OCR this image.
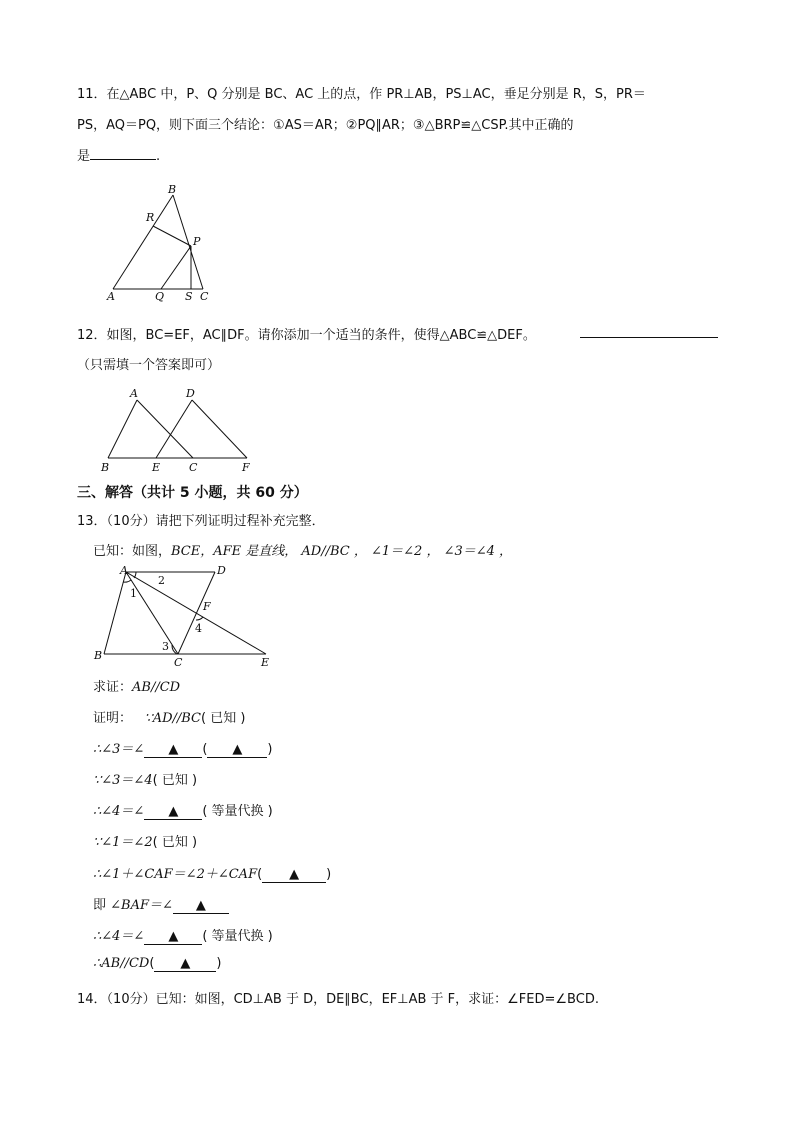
11．在△ABC 中，P、Q 分别是 BC、AC 上的点，作 PR⊥AB，PS⊥AC，垂足分别是 R，S，PR＝
PS，AQ＝PQ，则下面三个结论：①AS＝AR；②PQ∥AR；③△BRP≌△CSP.其中正确的
是	.
B
R
P
A	Q S C
12．如图，BC=EF，AC∥DF。请你添加一个适当的条件，使得△ABC≌△DEF。
（只需填一个答案即可）
A	D
B	E	C	F
三、解答（共计 5 小题，共 60 分）
13．（10分）请把下列证明过程补充完整．
已知：如图，BCE，AFE 是直线， AD//BC ， ∠1＝∠2 ， ∠3＝∠4 ，
A	D
F
B
C	E
1
2
3
4
求证：AB//CD
证明： ∵AD//BC( 已知 )
∴∠3＝∠ ▲ ( ▲ )
∵∠3＝∠4( 已知 )
∴∠4＝∠ ▲ ( 等量代换 )
∵∠1＝∠2( 已知 )
∴∠1＋∠CAF＝∠2＋∠CAF( ▲ )
即 ∠BAF＝∠ ▲
∴∠4＝∠ ▲ ( 等量代换 )
∴AB//CD( ▲ )
14．（10分）已知：如图，CD⊥AB 于 D，DE∥BC，EF⊥AB 于 F，求证：∠FED=∠BCD.
